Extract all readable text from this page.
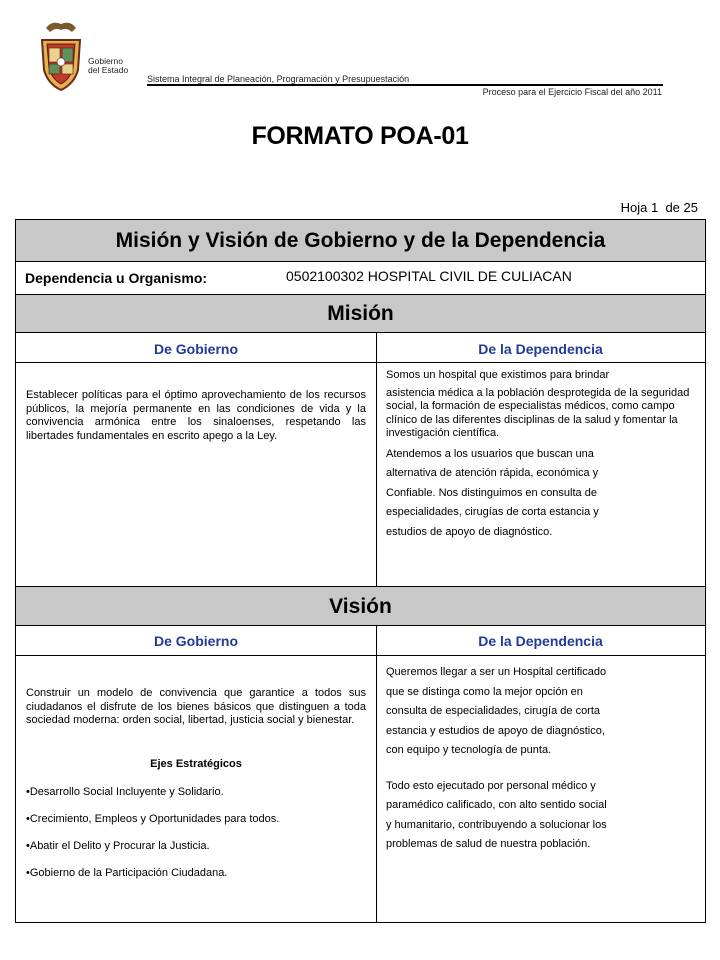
Gobierno
del Estado
Sistema Integral de Planeación, Programación y Presupuestación
Proceso para el Ejercicio Fiscal del año 2011
FORMATO POA-01
Hoja 1 de 25
Misión y Visión de Gobierno y de la Dependencia
Dependencia u Organismo:	0502100302 HOSPITAL CIVIL DE CULIACAN
Misión
De Gobierno	De la Dependencia
Establecer políticas para el óptimo aprovechamiento de los recursos públicos, la mejoría permanente en las condiciones de vida y la convivencia armónica entre los sinaloenses, respetando las libertades fundamentales en escrito apego a la Ley.
Somos un hospital que existimos para brindar
asistencia médica a la población desprotegida de la seguridad social, la formación de especialistas médicos, como campo clínico de las diferentes disciplinas de la salud y fomentar la investigación científica.
Atendemos a los usuarios que buscan una
alternativa de atención rápida, económica y
Confiable. Nos distinguimos en consulta de
especialidades, cirugías de corta estancia y
estudios de apoyo de diagnóstico.
Visión
De Gobierno	De la Dependencia
Construir un modelo de convivencia que garantice a todos sus ciudadanos el disfrute de los bienes básicos que distinguen a toda sociedad moderna: orden social, libertad, justicia social y bienestar.
Ejes Estratégicos
•Desarrollo Social Incluyente y Solidario.
•Crecimiento, Empleos y Oportunidades para todos.
•Abatir el Delito y Procurar la Justicia.
•Gobierno de la Participación Ciudadana.
Queremos llegar a ser un Hospital certificado
que se distinga como la mejor opción en
consulta de especialidades, cirugía de corta
estancia y estudios de apoyo de diagnóstico,
con equipo y tecnología de punta.
Todo esto ejecutado por personal médico y
paramédico calificado, con alto sentido social
y humanitario, contribuyendo a solucionar los
problemas de salud de nuestra población.
